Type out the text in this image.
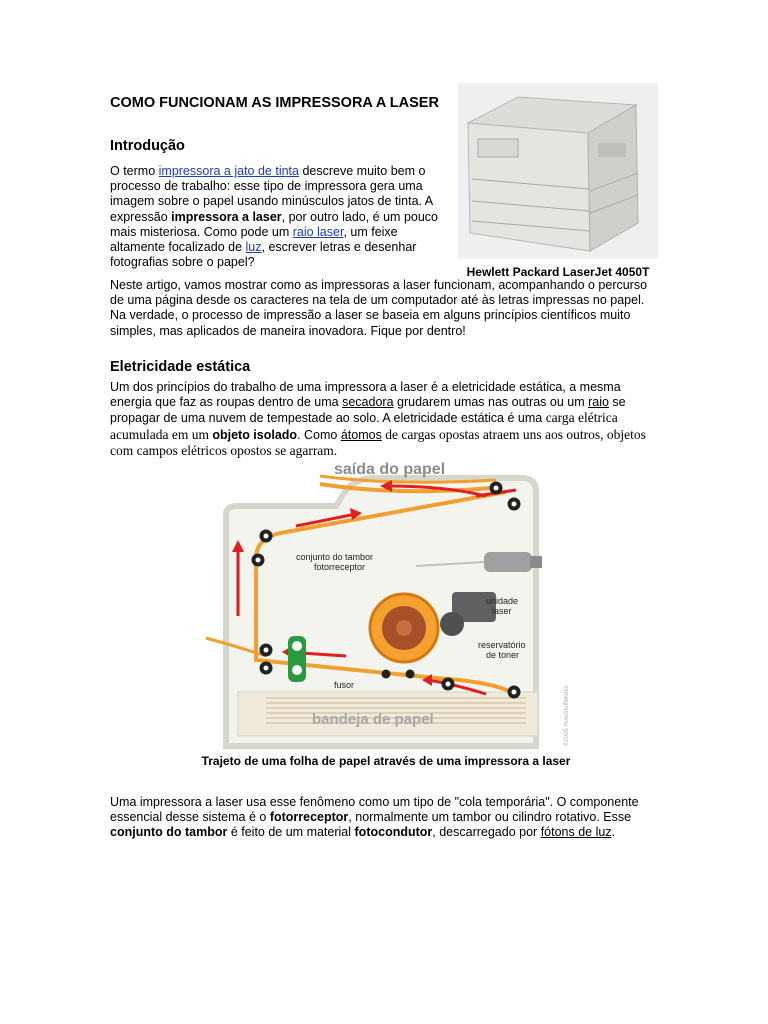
COMO FUNCIONAM AS IMPRESSORA A LASER
Introdução
O termo impressora a jato de tinta descreve muito bem o processo de trabalho: esse tipo de impressora gera uma imagem sobre o papel usando minúsculos jatos de tinta. A expressão impressora a laser, por outro lado, é um pouco mais misteriosa. Como pode um raio laser, um feixe altamente focalizado de luz, escrever letras e desenhar fotografias sobre o papel?
Hewlett Packard LaserJet 4050T
Neste artigo, vamos mostrar como as impressoras a laser funcionam, acompanhando o percurso de uma página desde os caracteres na tela de um computador até às letras impressas no papel. Na verdade, o processo de impressão a laser se baseia em alguns princípios científicos muito simples, mas aplicados de maneira inovadora. Fique por dentro!
Eletricidade estática
Um dos princípios do trabalho de uma impressora a laser é a eletricidade estática, a mesma energia que faz as roupas dentro de uma secadora grudarem umas nas outras ou um raio se propagar de uma nuvem de tempestade ao solo. A eletricidade estática é uma carga elétrica acumulada em um objeto isolado. Como átomos de cargas opostas atraem uns aos outros, objetos com campos elétricos opostos se agarram.
saída do papel
conjunto do tambor
fotorreceptor
unidade
laser
reservatório
de toner
fusor
bandeja de papel	©2005 HowStuffWorks
Trajeto de uma folha de papel através de uma impressora a laser
Uma impressora a laser usa esse fenômeno como um tipo de "cola temporária". O componente essencial desse sistema é o fotorreceptor, normalmente um tambor ou cilindro rotativo. Esse conjunto do tambor é feito de um material fotocondutor, descarregado por fótons de luz.
